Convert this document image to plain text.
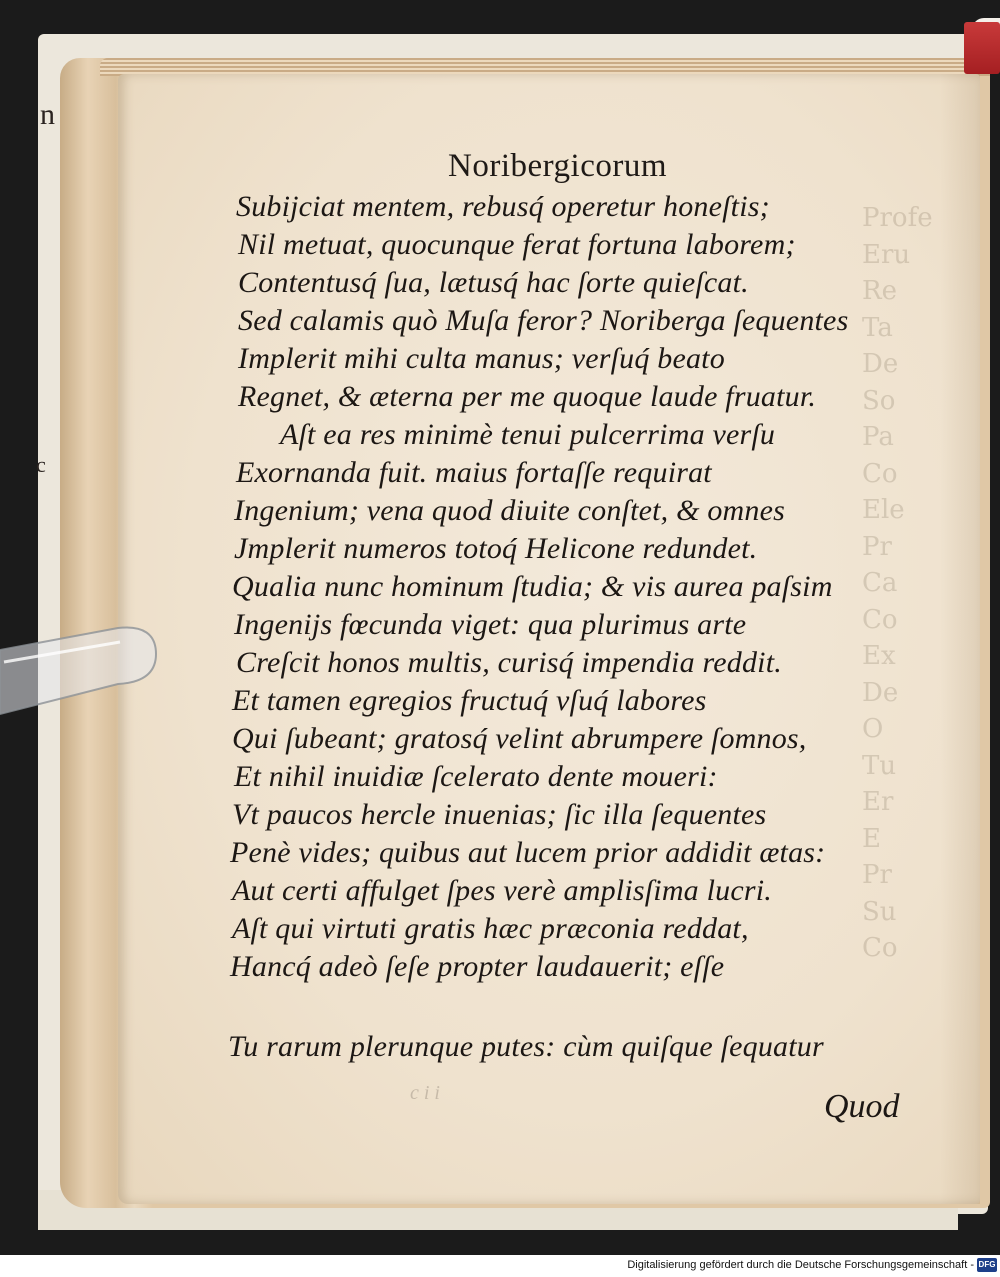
n
c
Profe
Eru
Re
Ta
De
So
Pa
Co
Ele
Pr
Ca
Co
Ex
De
O
Tu
Er
E
Pr
Su
Co
Noribergicorum
Subijciat mentem, rebusq́ operetur honeſtis;
Nil metuat, quocunque ferat fortuna laborem;
Contentusq́ ſua, lætusq́ hac ſorte quieſcat.
Sed calamis quò Muſa feror? Noriberga ſequentes
Implerit mihi culta manus; verſuq́ beato
Regnet, & æterna per me quoque laude fruatur.
Aſt ea res minimè tenui pulcerrima verſu
Exornanda fuit. maius fortaſſe requirat
Ingenium; vena quod diuite conſtet, & omnes
Jmplerit numeros totoq́ Helicone redundet.
Qualia nunc hominum ſtudia; & vis aurea paſsim
Ingenijs fœcunda viget: qua plurimus arte
Creſcit honos multis, curisq́ impendia reddit.
Et tamen egregios fructuq́ vſuq́ labores
Qui ſubeant; gratosq́ velint abrumpere ſomnos,
Et nihil inuidiæ ſcelerato dente moueri:
Vt paucos hercle inuenias; ſic illa ſequentes
Penè vides; quibus aut lucem prior addidit ætas:
Aut certi affulget ſpes verè amplisſima lucri.
Aſt qui virtuti gratis hæc præconia reddat,
Hancq́ adeò ſeſe propter laudauerit; eſſe
Tu rarum plerunque putes: cùm quiſque ſequatur
c i i	Quod
Digitalisierung gefördert durch die Deutsche Forschungsgemeinschaft - DFG
